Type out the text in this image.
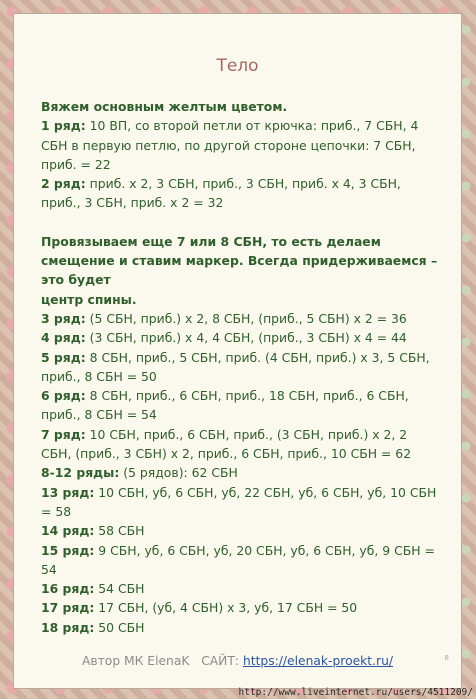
Тело

Вяжем основным желтым цветом.

1 ряд: 10 ВП, со второй петли от крючка: приб., 7 СБН, 4 СБН в первую петлю, по другой стороне цепочки: 7 СБН, приб. = 22

2 ряд: приб. х 2, 3 СБН, приб., 3 СБН, приб. х 4, 3 СБН, приб., 3 СБН, приб. х 2 = 32

Провязываем еще 7 или 8 СБН, то есть делаем смещение и ставим маркер. Всегда придерживаемся – это будет

центр спины.

3 ряд: (5 СБН, приб.) х 2, 8 СБН, (приб., 5 СБН) х 2 = 36

4 ряд: (3 СБН, приб.) х 4, 4 СБН, (приб., 3 СБН) х 4 = 44

5 ряд: 8 СБН, приб., 5 СБН, приб. (4 СБН, приб.) х 3, 5 СБН, приб., 8 СБН = 50

6 ряд: 8 СБН, приб., 6 СБН, приб., 18 СБН, приб., 6 СБН, приб., 8 СБН = 54

7 ряд: 10 СБН, приб., 6 СБН, приб., (3 СБН, приб.) х 2, 2 СБН, (приб., 3 СБН) х 2, приб., 6 СБН, приб., 10 СБН = 62

8-12 ряды: (5 рядов): 62 СБН

13 ряд: 10 СБН, уб, 6 СБН, уб, 22 СБН, уб, 6 СБН, уб, 10 СБН = 58

14 ряд: 58 СБН

15 ряд: 9 СБН, уб, 6 СБН, уб, 20 СБН, уб, 6 СБН, уб, 9 СБН = 54

16 ряд: 54 СБН

17 ряд: 17 СБН, (уб, 4 СБН) х 3, уб, 17 СБН = 50

18 ряд: 50 СБН

Автор МК ElenaK САЙТ: https://elenak-proekt.ru/	8
http://www.liveinternet.ru/users/4511209/
